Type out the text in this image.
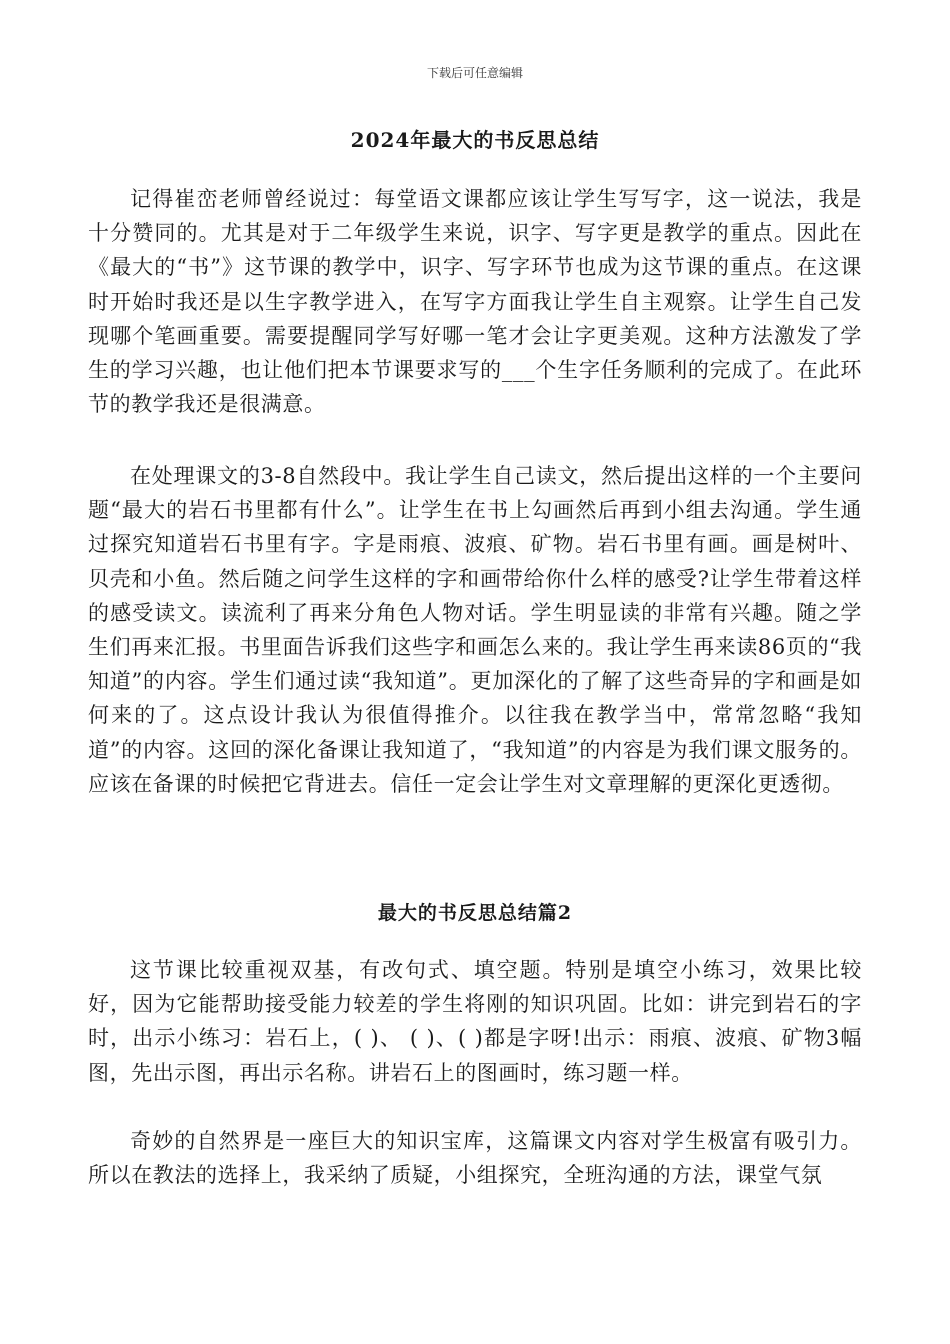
下载后可任意编辑
2024年最大的书反思总结

记得崔峦老师曾经说过：每堂语文课都应该让学生写写字，这一说法，我是十分赞同的。尤其是对于二年级学生来说，识字、写字更是教学的重点。因此在《最大的“书”》这节课的教学中，识字、写字环节也成为这节课的重点。在这课时开始时我还是以生字教学进入，在写字方面我让学生自主观察。让学生自己发现哪个笔画重要。需要提醒同学写好哪一笔才会让字更美观。这种方法激发了学生的学习兴趣，也让他们把本节课要求写的___个生字任务顺利的完成了。在此环节的教学我还是很满意。

在处理课文的3-8自然段中。我让学生自己读文，然后提出这样的一个主要问题“最大的岩石书里都有什么”。让学生在书上勾画然后再到小组去沟通。学生通过探究知道岩石书里有字。字是雨痕、波痕、矿物。岩石书里有画。画是树叶、贝壳和小鱼。然后随之问学生这样的字和画带给你什么样的感受?让学生带着这样的感受读文。读流利了再来分角色人物对话。学生明显读的非常有兴趣。随之学生们再来汇报。书里面告诉我们这些字和画怎么来的。我让学生再来读86页的“我知道”的内容。学生们通过读“我知道”。更加深化的了解了这些奇异的字和画是如何来的了。这点设计我认为很值得推介。以往我在教学当中，常常忽略“我知道”的内容。这回的深化备课让我知道了，“我知道”的内容是为我们课文服务的。应该在备课的时候把它背进去。信任一定会让学生对文章理解的更深化更透彻。

最大的书反思总结篇2

这节课比较重视双基，有改句式、填空题。特别是填空小练习，效果比较好，因为它能帮助接受能力较差的学生将刚的知识巩固。比如：讲完到岩石的字时，出示小练习：岩石上，( )、 ( )、( )都是字呀!出示：雨痕、波痕、矿物3幅图，先出示图，再出示名称。讲岩石上的图画时，练习题一样。

奇妙的自然界是一座巨大的知识宝库，这篇课文内容对学生极富有吸引力。所以在教法的选择上，我采纳了质疑，小组探究，全班沟通的方法，课堂气氛
